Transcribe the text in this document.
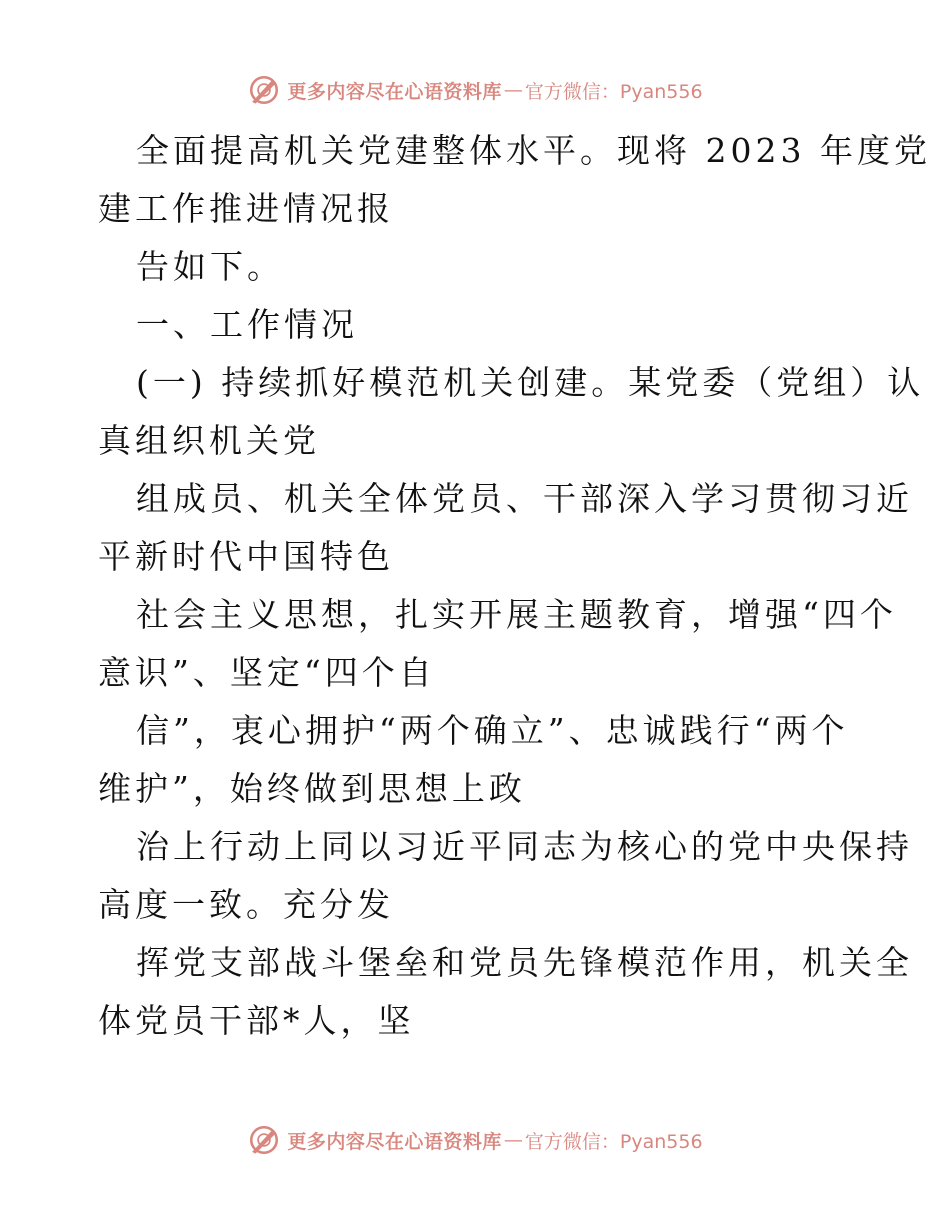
更多内容尽在心语资料库 — 官方微信：Pyan556
全面提高机关党建整体水平。现将 2023 年度党
建工作推进情况报
告如下。
一、工作情况
(一) 持续抓好模范机关创建。某党委（党组）认
真组织机关党
组成员、机关全体党员、干部深入学习贯彻习近
平新时代中国特色
社会主义思想，扎实开展主题教育，增强“四个
意识”、坚定“四个自
信”，衷心拥护“两个确立”、忠诚践行“两个
维护”，始终做到思想上政
治上行动上同以习近平同志为核心的党中央保持
高度一致。充分发
挥党支部战斗堡垒和党员先锋模范作用，机关全
体党员干部*人，坚
更多内容尽在心语资料库 — 官方微信：Pyan556
